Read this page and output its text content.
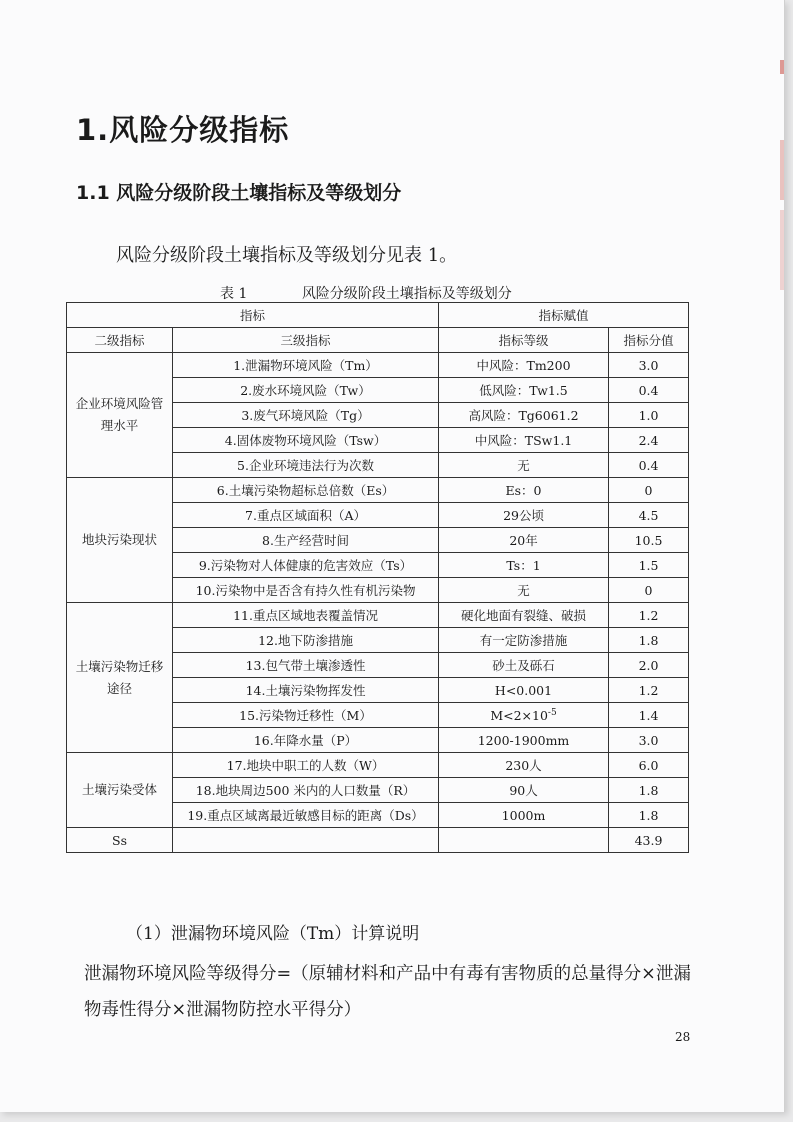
1.风险分级指标
1.1 风险分级阶段土壤指标及等级划分
风险分级阶段土壤指标及等级划分见表 1。
表 1	风险分级阶段土壤指标及等级划分
指标		指标赋值	
二级指标	三级指标	指标等级	指标分值
企业环境风险管理水平	1.泄漏物环境风险（Tm）	中风险：Tm200	3.0
	2.废水环境风险（Tw）	低风险：Tw1.5	0.4
	3.废气环境风险（Tg）	高风险：Tg6061.2	1.0
	4.固体废物环境风险（Tsw）	中风险：TSw1.1	2.4
	5.企业环境违法行为次数	无	0.4
地块污染现状	6.土壤污染物超标总倍数（Es）	Es：0	0
	7.重点区域面积（A）	29公顷	4.5
	8.生产经营时间	20年	10.5
	9.污染物对人体健康的危害效应（Ts）	Ts：1	1.5
	10.污染物中是否含有持久性有机污染物	无	0
土壤污染物迁移途径	11.重点区域地表覆盖情况	硬化地面有裂缝、破损	1.2
	12.地下防渗措施	有一定防渗措施	1.8
	13.包气带土壤渗透性	砂土及砾石	2.0
	14.土壤污染物挥发性	H<0.001	1.2
	15.污染物迁移性（M）	$M<2\times 10^{-5}$	1.4
	16.年降水量（P）	1200-1900mm	3.0
土壤污染受体	17.地块中职工的人数（W）	230人	6.0
	18.地块周边500 米内的人口数量（R）	90人	1.8
	19.重点区域离最近敏感目标的距离（Ds）	1000m	1.8
Ss			43.9
（1）泄漏物环境风险（Tm）计算说明
泄漏物环境风险等级得分=（原辅材料和产品中有毒有害物质的总量得分×泄漏物毒性得分×泄漏物防控水平得分）
28
